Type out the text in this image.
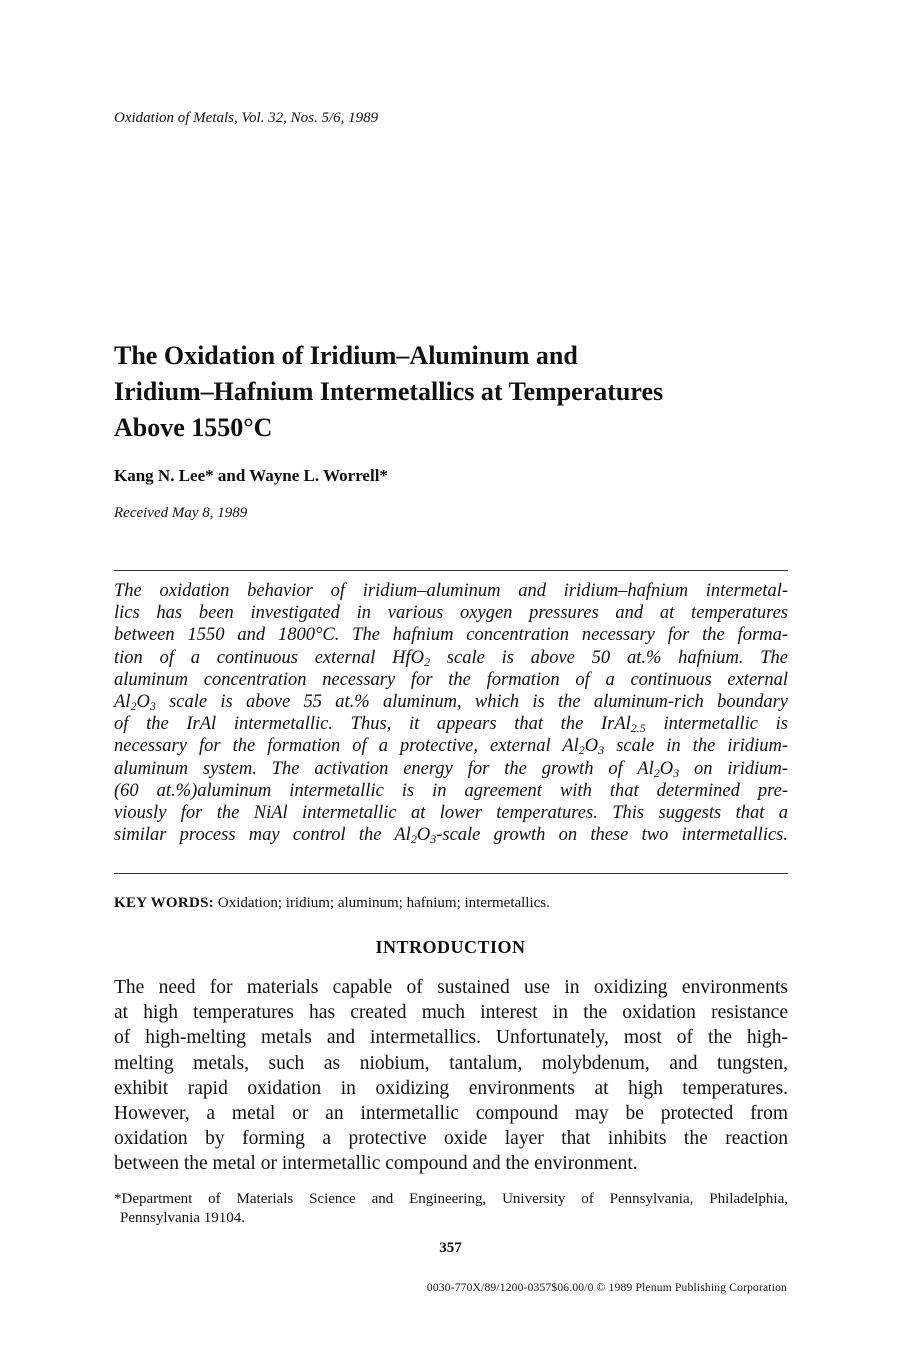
Oxidation of Metals, Vol. 32, Nos. 5/6, 1989
The Oxidation of Iridium–Aluminum and
Iridium–Hafnium Intermetallics at Temperatures
Above 1550°C
Kang N. Lee* and Wayne L. Worrell*
Received May 8, 1989
The oxidation behavior of iridium–aluminum and iridium–hafnium intermetal-
lics has been investigated in various oxygen pressures and at temperatures
between 1550 and 1800°C. The hafnium concentration necessary for the forma-
tion of a continuous external HfO$_2$ scale is above 50 at.% hafnium. The
aluminum concentration necessary for the formation of a continuous external
$Al_2O_3$ scale is above 55 at.% aluminum, which is the aluminum-rich boundary
of the IrAl intermetallic. Thus, it appears that the IrAl$_{2.5}$ intermetallic is
necessary for the formation of a protective, external $Al_2O_3$ scale in the iridium-
aluminum system. The activation energy for the growth of $Al_2O_3$ on iridium-
(60 at.%)aluminum intermetallic is in agreement with that determined pre-
viously for the NiAl intermetallic at lower temperatures. This suggests that a
similar process may control the $Al_2O_3$-scale growth on these two intermetallics.
KEY WORDS: Oxidation; iridium; aluminum; hafnium; intermetallics.
INTRODUCTION
The need for materials capable of sustained use in oxidizing environments
at high temperatures has created much interest in the oxidation resistance
of high-melting metals and intermetallics. Unfortunately, most of the high-
melting metals, such as niobium, tantalum, molybdenum, and tungsten,
exhibit rapid oxidation in oxidizing environments at high temperatures.
However, a metal or an intermetallic compound may be protected from
oxidation by forming a protective oxide layer that inhibits the reaction
between the metal or intermetallic compound and the environment.
*Department of Materials Science and Engineering, University of Pennsylvania, Philadelphia,
Pennsylvania 19104.
357
0030-770X/89/1200-0357$06.00/0 © 1989 Plenum Publishing Corporation
